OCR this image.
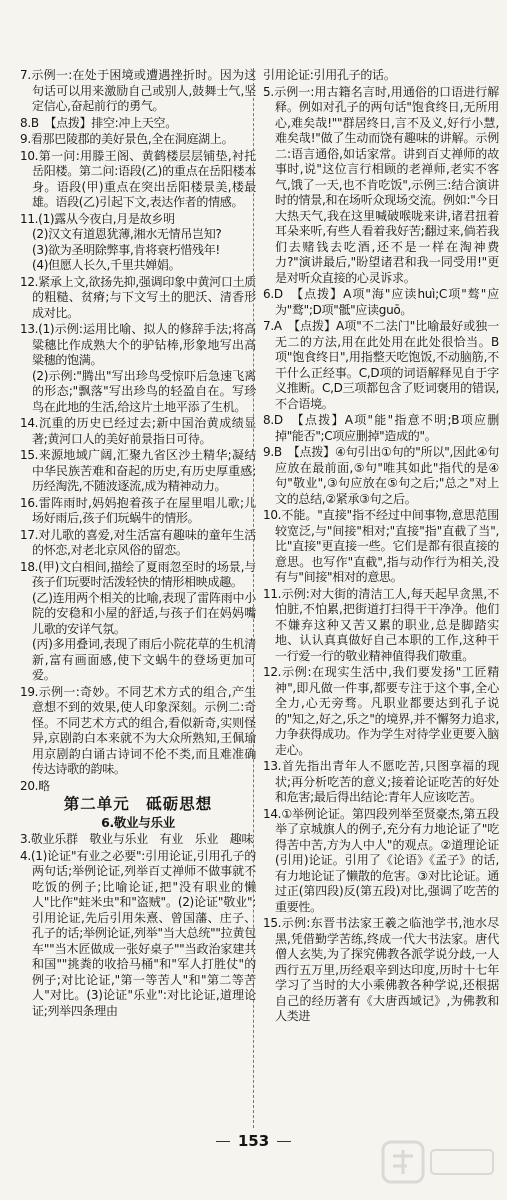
7.示例一:在处于困境或遭遇挫折时。因为这句话可以用来激励自己或别人,鼓舞士气,坚定信心,奋起前行的勇气。
8.B　【点拨】排空:冲上天空。
9.看那巴陵郡的美好景色,全在洞庭湖上。
10.第一问:用滕王阁、黄鹤楼层层铺垫,衬托岳阳楼。第二问:语段(乙)的重点在岳阳楼本身。语段(甲)重点在突出岳阳楼景美,楼最雄。语段(乙)引起下文,表达作者的情感。
11.(1)露从今夜白,月是故乡明
(2)汉文有道恩犹薄,湘水无情吊岂知?
(3)欲为圣明除弊事,肯将衰朽惜残年!
(4)但愿人长久,千里共婵娟。
12.紧承上文,欲扬先抑,强调印象中黄河口土质的粗糙、贫瘠;与下文写土的肥沃、清香形成对比。
13.(1)示例:运用比喻、拟人的修辞手法;将高粱穗比作成熟大个的驴钻棒,形象地写出高粱穗的饱满。
(2)示例:"腾出"写出珍鸟受惊吓后急速飞离的形态;"飘落"写出珍鸟的轻盈自在。写珍鸟在此地的生活,给这片土地平添了生机。
14.沉重的历史已经过去;新中国治黄成绩显著;黄河口人的美好前景指日可待。
15.来源地域广阔,汇聚九省区沙土精华;凝结中华民族苦难和奋起的历史,有历史厚重感;历经淘洗,不随波逐流,成为精神动力。
16.雷阵雨时,妈妈抱着孩子在屋里唱儿歌;儿场好雨后,孩子们玩蜗牛的情形。
17.对儿歌的喜爱,对生活富有趣味的童年生活的怀恋,对老北京风俗的留恋。
18.(甲)文白相间,描绘了夏雨忽至时的场景,与孩子们玩要时活泼轻快的情形相映成趣。
(乙)连用两个相关的比喻,表现了雷阵雨中小院的安稳和小屋的舒适,与孩子们在妈妈嘴儿歌的安详气氛。
(丙)多用叠词,表现了雨后小院花草的生机清新,富有画面感,使下文蜗牛的登场更加可爱。
19.示例一:奇妙。不同艺术方式的组合,产生意想不到的效果,使人印象深刻。示例二:奇怪。不同艺术方式的组合,看似新奇,实则怪异,京剧韵白本来就不为大众所熟知,王佩瑜用京剧韵白诵古诗词不伦不类,而且难准确传达诗歌的韵味。
20.略
第二单元　砥砺思想
6.敬业与乐业
3.敬业乐群　敬业与乐业　有业　乐业　趣味
4.(1)论证"有业之必要":引用论证,引用孔子的两句话;举例论证,列举百丈禅师不做事就不吃饭的例子;比喻论证,把"没有职业的懒人"比作"蛀米虫"和"盗贼"。(2)论证"敬业":引用论证,先后引用朱熹、曾国藩、庄子、孔子的话;举例论证,列举"当大总统""拉黄包车""当木匠做成一张好桌子""当政治家建共和国""挑粪的收拾马桶"和"军人打胜仗"的例子;对比论证,"第一等苦人"和"第二等苦人"对比。(3)论证"乐业":对比论证,道理论证;列举四条理由
引用论证:引用孔子的话。
5.示例一:用古籍名言时,用通俗的口语进行解释。例如对孔子的两句话"饱食终日,无所用心,难矣哉!""群居终日,言不及义,好行小慧,难矣哉!"做了生动而饶有趣味的讲解。示例二:语言通俗,如话家常。讲到百丈禅师的故事时,说"这位言行相顾的老禅师,老实不客气,饿了一天,也不肯吃饭",示例三:结合演讲时的情景,和在场听众现场交流。例如:"今日大热天气,我在这里喊破喉咙来讲,诸君扭着耳朵来听,有些人看着我好苦;翻过来,倘若我们去赌钱去吃酒,还不是一样在淘神费力?"演讲最后,"盼望诸君和我一同受用!"更是对听众直接的心灵诉求。
6.D　【点拨】A项"海"应读huì;C项"骜"应为"鹜";D项"骶"应读guō。
7.A　【点拨】A项"不二法门"比喻最好或独一无二的方法,用在此处用在此处很恰当。B项"饱食终日",用指整天吃饱饭,不动脑筋,不干什么正经事。C,D项的词语解释见自于字义推断。C,D三项都包含了贬词褒用的错误,不合语境。
8.D　【点拨】A项"能"指意不明;B项应删掉"能否";C项应删掉"造成的"。
9.B　【点拨】④句引出①句的"所以",因此④句应放在最前面,⑤句"唯其如此"指代的是④句"敬业",③句应放在⑤句之后;"总之"对上文的总结,②紧承③句之后。
10.不能。"直接"指不经过中间事物,意思范围较宽泛,与"间接"相对;"直接"指"直截了当",比"直接"更直接一些。它们是都有很直接的意思。也写作"直截",指与动作行为相关,没有与"间接"相对的意思。
11.示例:对大街的清洁工人,每天起早贪黑,不怕脏,不怕累,把街道打扫得干干净净。他们不嫌弃这种又苦又累的职业,总是脚踏实地、认认真真做好自己本职的工作,这种干一行爱一行的敬业精神值得我们敬重。
12.示例:在现实生活中,我们要发扬"工匠精神",即凡做一件事,都要专注于这个事,全心全力,心无旁骛。凡职业都要达到孔子说的"知之,好之,乐之"的境界,并不懈努力追求,力争获得成功。作为学生对待学业更要入脑走心。
13.首先指出青年人不愿吃苦,只图享福的现状;再分析吃苦的意义;接着论证吃苦的好处和危害;最后得出结论:青年人应该吃苦。
14.①举例论证。第四段列举至贤豪杰,第五段举了京城旗人的例子,充分有力地论证了"吃得苦中苦,方为人中人"的观点。②道理论证(引用)论证。引用了《论语》《孟子》的话,有力地论证了懒散的危害。③对比论证。通过正(第四段)反(第五段)对比,强调了吃苦的重要性。
15.示例:东晋书法家王羲之临池学书,池水尽黑,凭借勤学苦练,终成一代大书法家。唐代僧人玄奘,为了探究佛教各派学说分歧,一人西行五万里,历经艰辛到达印度,历时十七年学习了当时的大小乘佛教各种学说,还根据自己的经历著有《大唐西域记》,为佛教和人类进
153
